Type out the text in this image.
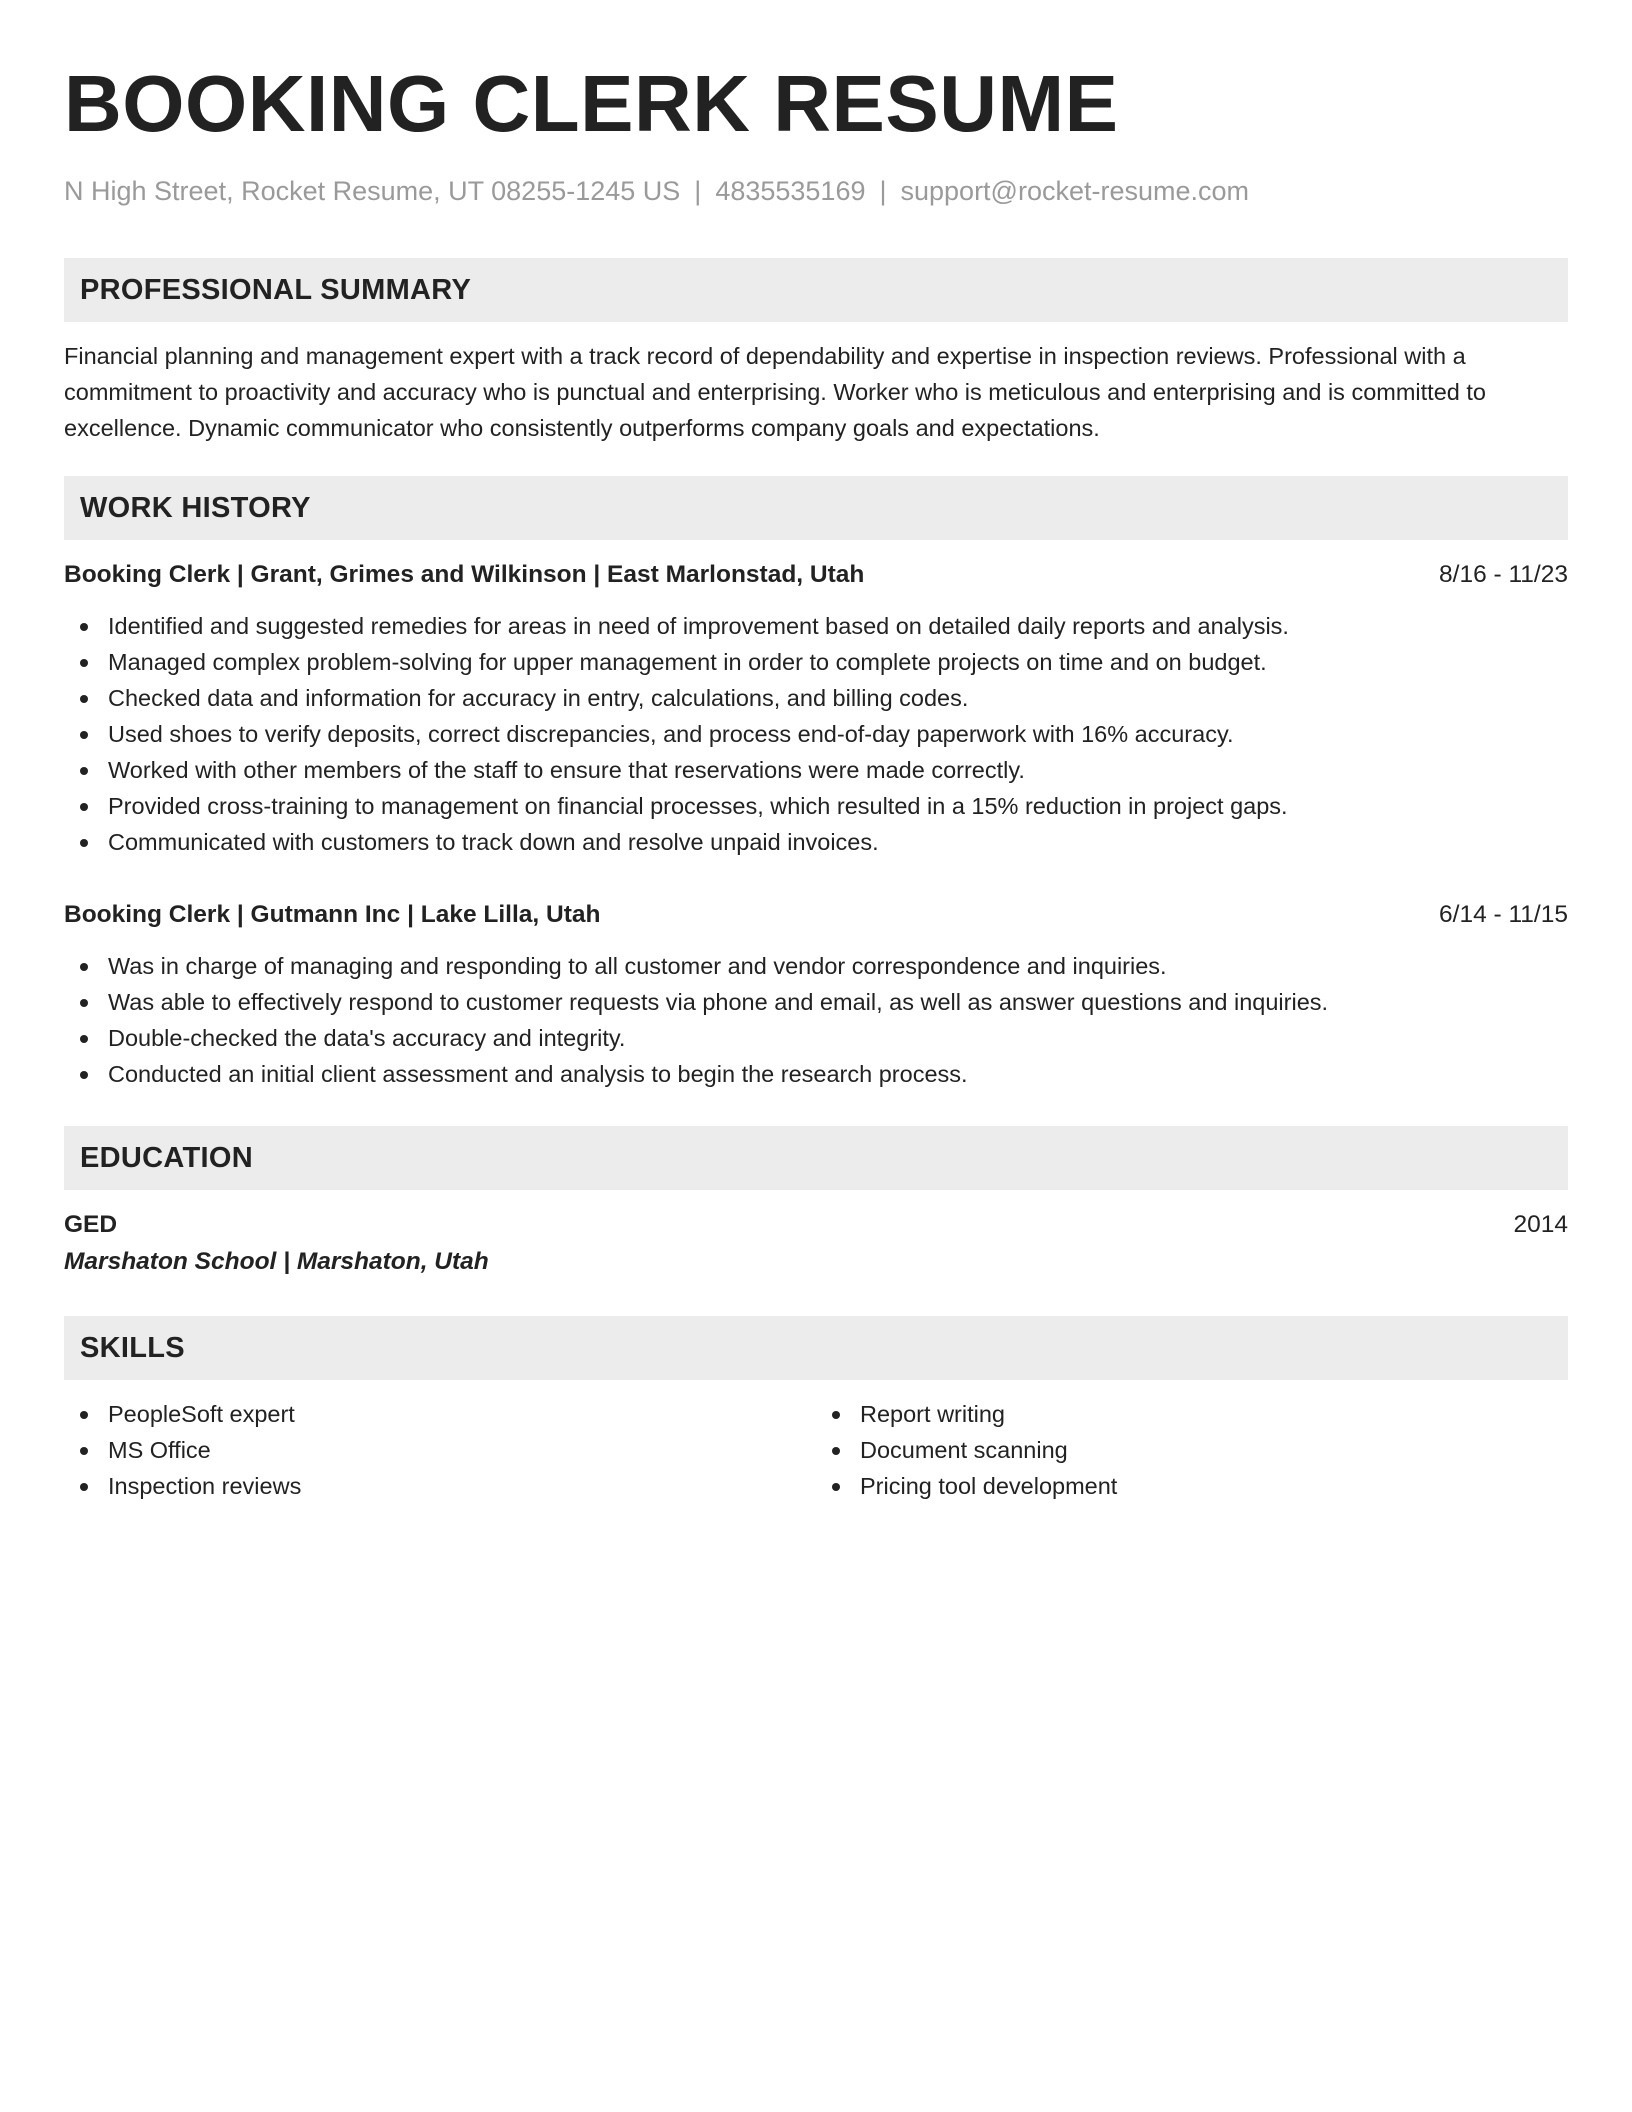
BOOKING CLERK RESUME
N High Street, Rocket Resume, UT 08255-1245 US | 4835535169 | support@rocket-resume.com
PROFESSIONAL SUMMARY

Financial planning and management expert with a track record of dependability and expertise in inspection reviews. Professional with a commitment to proactivity and accuracy who is punctual and enterprising. Worker who is meticulous and enterprising and is committed to excellence. Dynamic communicator who consistently outperforms company goals and expectations.

WORK HISTORY
Booking Clerk | Grant, Grimes and Wilkinson | East Marlonstad, Utah	8/16 - 11/23
Identified and suggested remedies for areas in need of improvement based on detailed daily reports and analysis.
Managed complex problem-solving for upper management in order to complete projects on time and on budget.
Checked data and information for accuracy in entry, calculations, and billing codes.
Used shoes to verify deposits, correct discrepancies, and process end-of-day paperwork with 16% accuracy.
Worked with other members of the staff to ensure that reservations were made correctly.
Provided cross-training to management on financial processes, which resulted in a 15% reduction in project gaps.
Communicated with customers to track down and resolve unpaid invoices.
Booking Clerk | Gutmann Inc | Lake Lilla, Utah	6/14 - 11/15
Was in charge of managing and responding to all customer and vendor correspondence and inquiries.
Was able to effectively respond to customer requests via phone and email, as well as answer questions and inquiries.
Double-checked the data's accuracy and integrity.
Conducted an initial client assessment and analysis to begin the research process.
EDUCATION
GED	2014
Marshaton School | Marshaton, Utah
SKILLS
PeopleSoft expert
MS Office
Inspection reviews
Report writing
Document scanning
Pricing tool development
